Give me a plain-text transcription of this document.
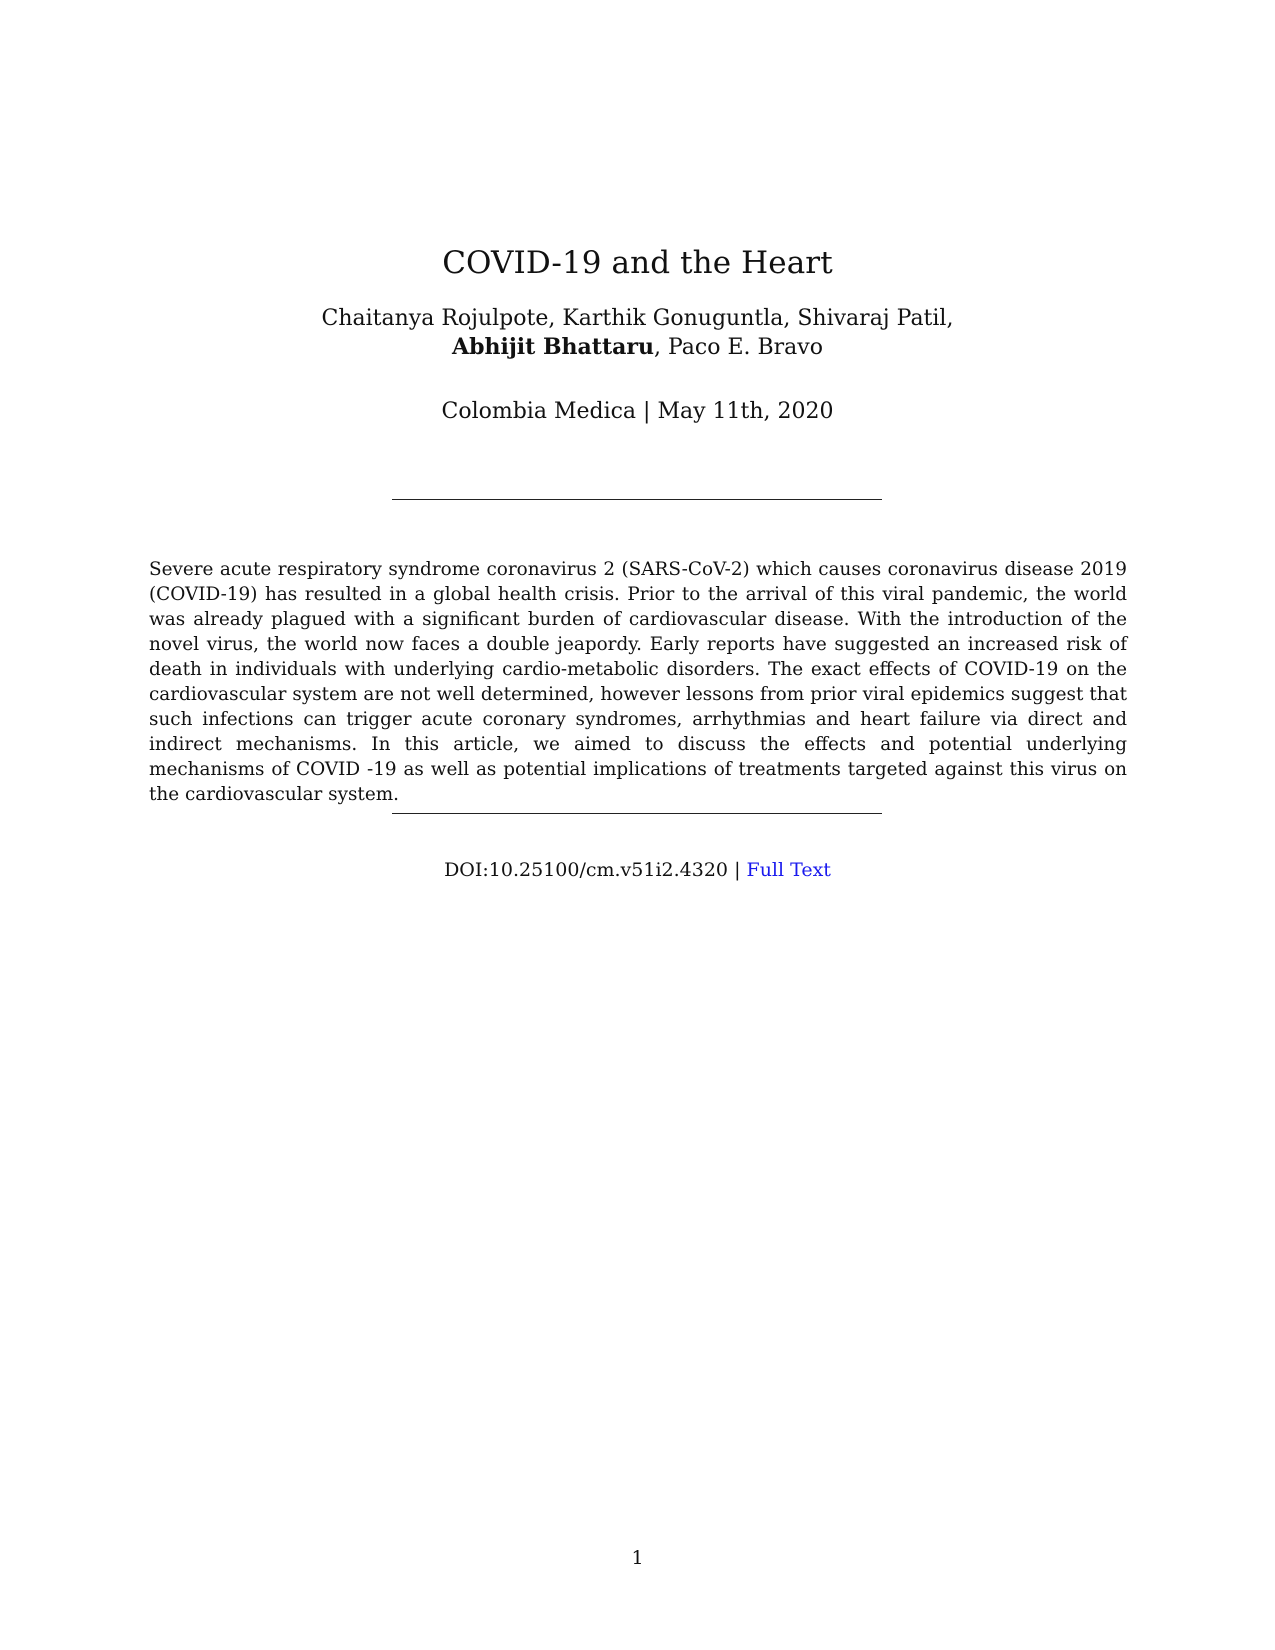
COVID-19 and the Heart
Chaitanya Rojulpote, Karthik Gonuguntla, Shivaraj Patil,
Abhijit Bhattaru, Paco E. Bravo
Colombia Medica | May 11th, 2020

Severe acute respiratory syndrome coronavirus 2 (SARS-CoV-2) which causes coronavirus disease 2019 (COVID-19) has resulted in a global health crisis. Prior to the arrival of this viral pandemic, the world was already plagued with a significant burden of cardiovascular disease. With the introduction of the novel virus, the world now faces a double jeapordy. Early reports have suggested an increased risk of death in individuals with underlying cardio-metabolic disorders. The exact effects of COVID-19 on the cardiovascular system are not well determined, however lessons from prior viral epidemics suggest that such infections can trigger acute coronary syndromes, arrhythmias and heart failure via direct and indirect mechanisms. In this article, we aimed to discuss the effects and potential underlying mechanisms of COVID -19 as well as potential implications of treatments targeted against this virus on the cardiovascular system.

DOI:10.25100/cm.v51i2.4320 | Full Text
1
